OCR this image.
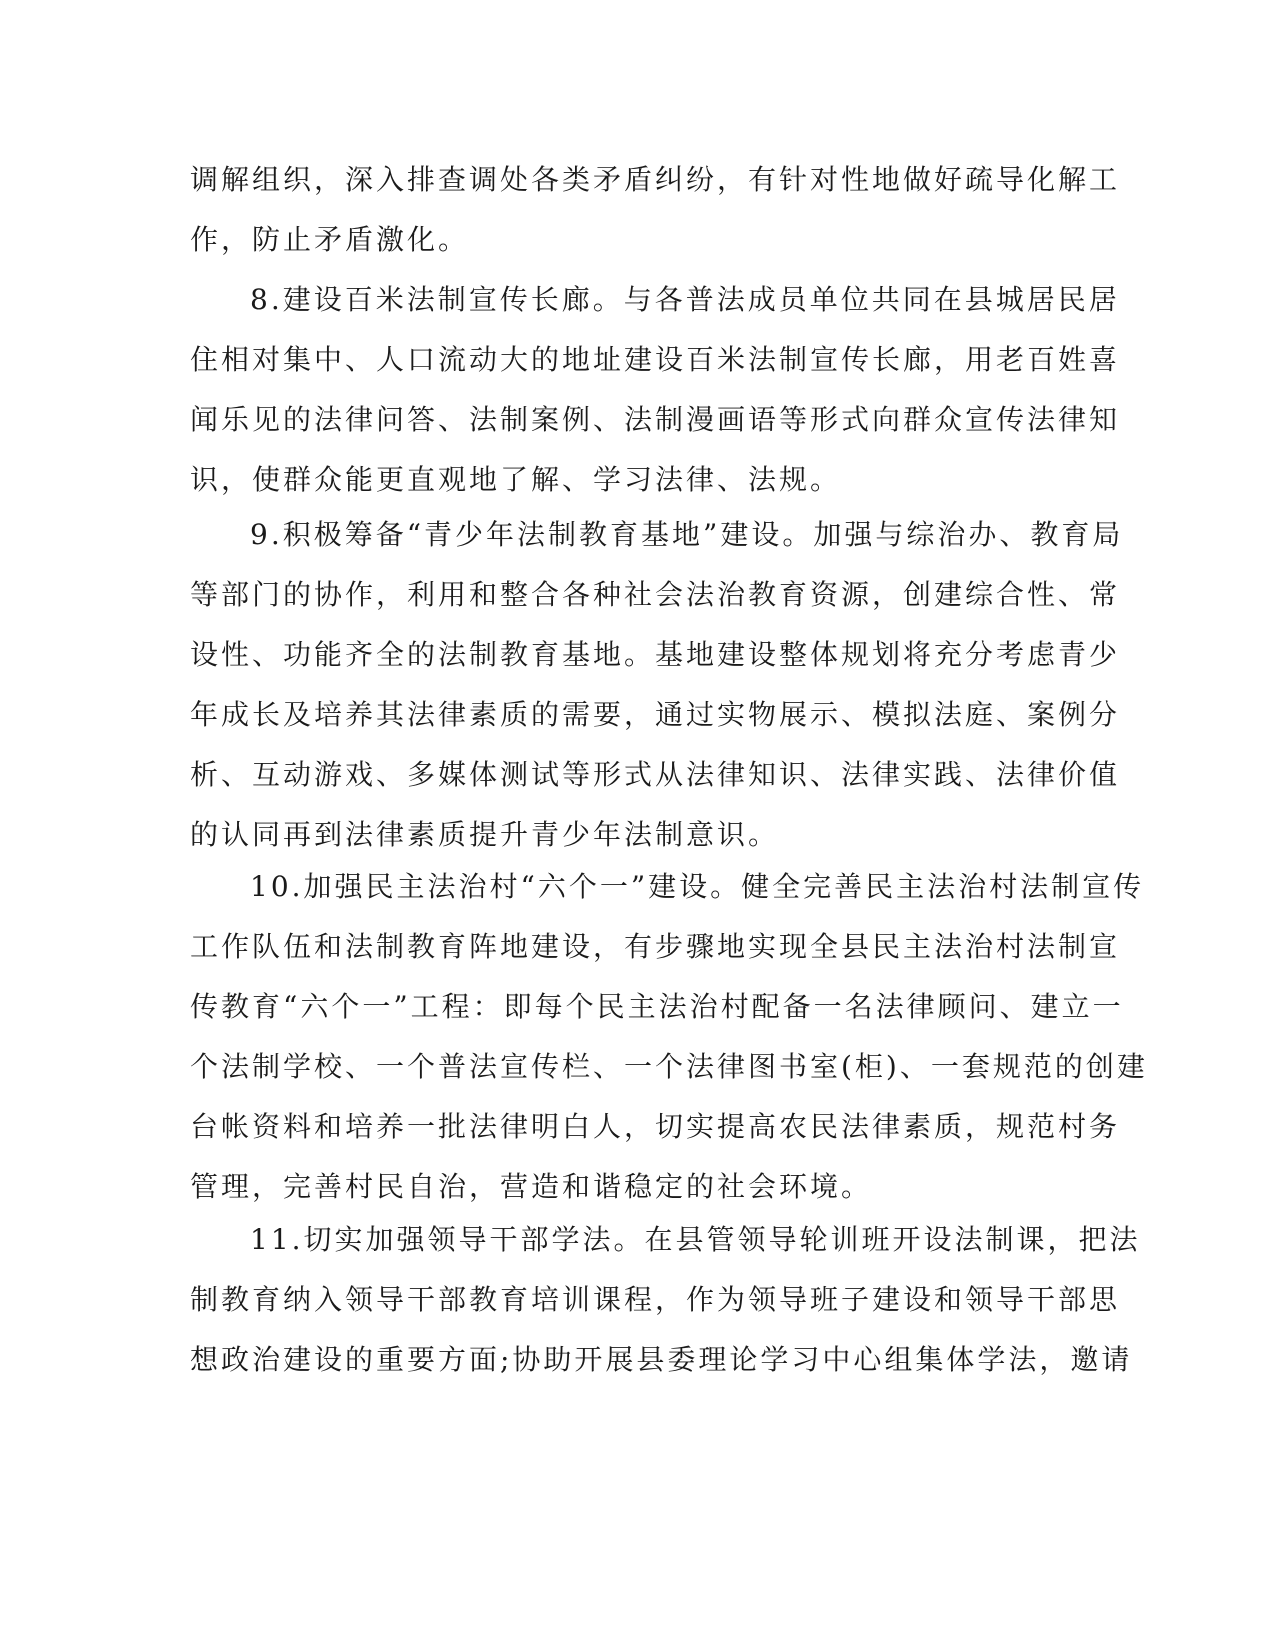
调解组织，深入排查调处各类矛盾纠纷，有针对性地做好疏导化解工
作，防止矛盾激化。
8.建设百米法制宣传长廊。与各普法成员单位共同在县城居民居
住相对集中、人口流动大的地址建设百米法制宣传长廊，用老百姓喜
闻乐见的法律问答、法制案例、法制漫画语等形式向群众宣传法律知
识，使群众能更直观地了解、学习法律、法规。
9.积极筹备“青少年法制教育基地”建设。加强与综治办、教育局
等部门的协作，利用和整合各种社会法治教育资源，创建综合性、常
设性、功能齐全的法制教育基地。基地建设整体规划将充分考虑青少
年成长及培养其法律素质的需要，通过实物展示、模拟法庭、案例分
析、互动游戏、多媒体测试等形式从法律知识、法律实践、法律价值
的认同再到法律素质提升青少年法制意识。
10.加强民主法治村“六个一”建设。健全完善民主法治村法制宣传
工作队伍和法制教育阵地建设，有步骤地实现全县民主法治村法制宣
传教育“六个一”工程：即每个民主法治村配备一名法律顾问、建立一
个法制学校、一个普法宣传栏、一个法律图书室(柜)、一套规范的创建
台帐资料和培养一批法律明白人，切实提高农民法律素质，规范村务
管理，完善村民自治，营造和谐稳定的社会环境。
11.切实加强领导干部学法。在县管领导轮训班开设法制课，把法
制教育纳入领导干部教育培训课程，作为领导班子建设和领导干部思
想政治建设的重要方面;协助开展县委理论学习中心组集体学法，邀请
